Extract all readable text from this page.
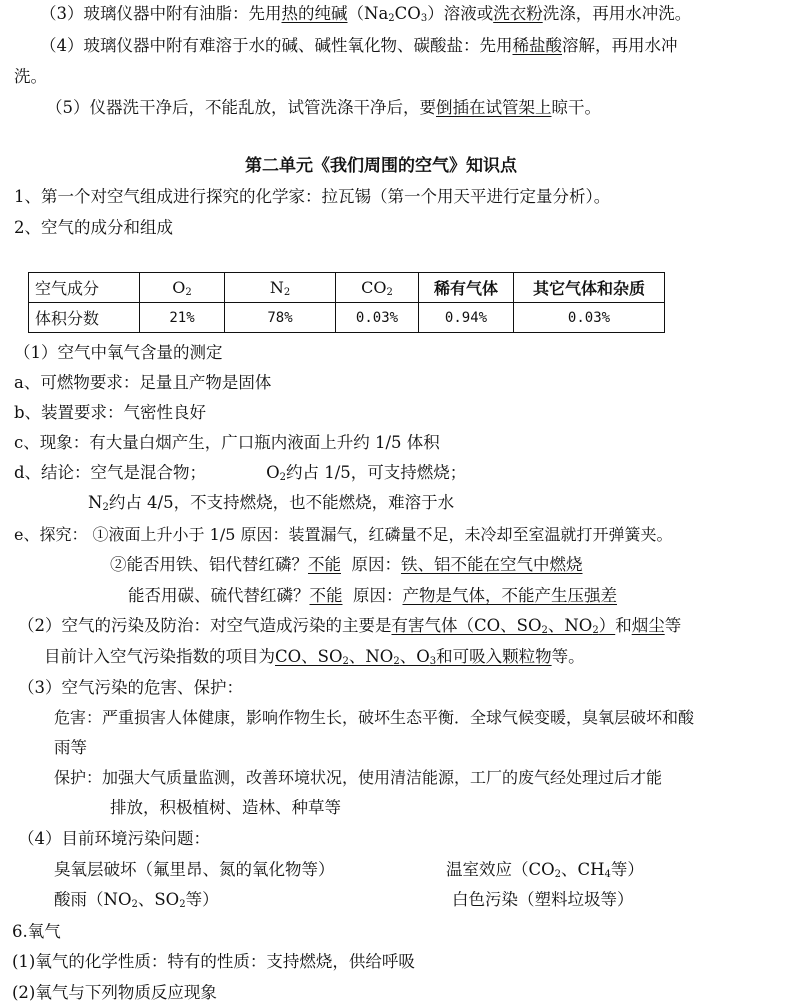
（3）玻璃仪器中附有油脂：先用热的纯碱$(Na_2CO_3)$溶液或洗衣粉洗涤，再用水冲洗。
（4）玻璃仪器中附有难溶于水的碱、碱性氧化物、碳酸盐：先用稀盐酸溶解，再用水冲
洗。
（5）仪器洗干净后，不能乱放，试管洗涤干净后，要倒插在试管架上晾干。
第二单元《我们周围的空气》知识点
1、第一个对空气组成进行探究的化学家：拉瓦锡（第一个用天平进行定量分析）。
2、空气的成分和组成
空气成分	$O_2$	$N_2$	$CO_2$	稀有气体	其它气体和杂质
体积分数	21%	78%	0.03%	0.94%	0.03%
（1）空气中氧气含量的测定
a、可燃物要求：足量且产物是固体
b、装置要求：气密性良好
c、现象：有大量白烟产生，广口瓶内液面上升约 1/5 体积
d、结论：空气是混合物；	$O_2$约占 1/5，可支持燃烧；
$N_2$约占 4/5，不支持燃烧，也不能燃烧，难溶于水
e、探究： ①液面上升小于 1/5 原因：装置漏气，红磷量不足，未冷却至室温就打开弹簧夹。
②能否用铁、铝代替红磷？不能  原因：铁、铝不能在空气中燃烧
能否用碳、硫代替红磷？不能  原因：产物是气体，不能产生压强差
（2）空气的污染及防治：对空气造成污染的主要是有害气体（CO、$SO_2$、$NO_2$）和烟尘等
目前计入空气污染指数的项目为CO、$SO_2$、$NO_2$、$O_3$和可吸入颗粒物等。
（3）空气污染的危害、保护：
危害：严重损害人体健康，影响作物生长，破坏生态平衡．全球气候变暖，臭氧层破坏和酸
雨等
保护：加强大气质量监测，改善环境状况，使用清洁能源，工厂的废气经处理过后才能
排放，积极植树、造林、种草等
（4）目前环境污染问题：
臭氧层破坏（氟里昂、氮的氧化物等）	温室效应（$CO_2$、$CH_4$等）
酸雨（$NO_2$、$SO_2$等）	白色污染（塑料垃圾等）
6.氧气
(1)氧气的化学性质：特有的性质：支持燃烧，供给呼吸
(2)氧气与下列物质反应现象
